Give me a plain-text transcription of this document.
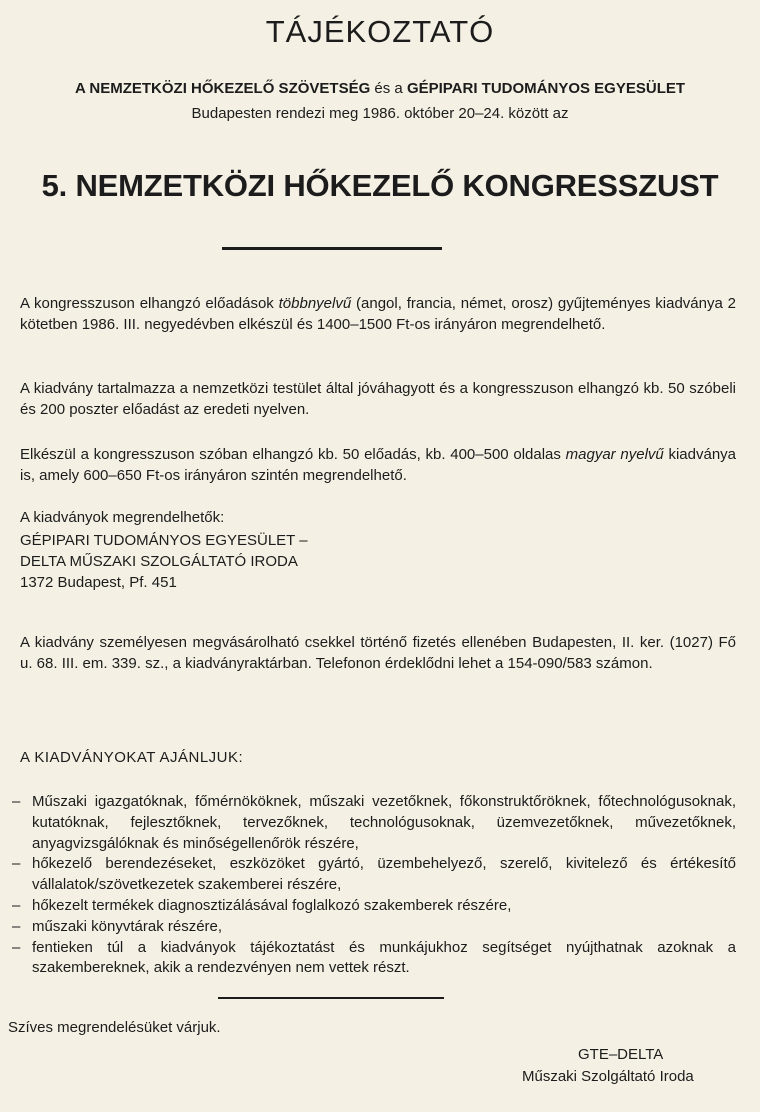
TÁJÉKOZTATÓ
A NEMZETKÖZI HŐKEZELŐ SZÖVETSÉG és a GÉPIPARI TUDOMÁNYOS EGYESÜLET
Budapesten rendezi meg 1986. október 20–24. között az
5. NEMZETKÖZI HŐKEZELŐ KONGRESSZUST
A kongresszuson elhangzó előadások többnyelvű (angol, francia, német, orosz) gyűjteményes kiadványa 2 kötetben 1986. III. negyedévben elkészül és 1400–1500 Ft-os irányáron megrendelhető.
A kiadvány tartalmazza a nemzetközi testület által jóváhagyott és a kongresszuson elhangzó kb. 50 szóbeli és 200 poszter előadást az eredeti nyelven.
Elkészül a kongresszuson szóban elhangzó kb. 50 előadás, kb. 400–500 oldalas magyar nyelvű kiadványa is, amely 600–650 Ft-os irányáron szintén megrendelhető.
A kiadványok megrendelhetők:
GÉPIPARI TUDOMÁNYOS EGYESÜLET –
DELTA MŰSZAKI SZOLGÁLTATÓ IRODA
1372 Budapest, Pf. 451
A kiadvány személyesen megvásárolható csekkel történő fizetés ellenében Budapesten, II. ker. (1027) Fő u. 68. III. em. 339. sz., a kiadványraktárban. Telefonon érdeklődni lehet a 154-090/583 számon.
A KIADVÁNYOKAT AJÁNLJUK:
– Műszaki igazgatóknak, főmérnököknek, műszaki vezetőknek, főkonstruktőröknek, főtechnológusoknak, kutatóknak, fejlesztőknek, tervezőknek, technológusoknak, üzemvezetőknek, művezetőknek, anyagvizsgálóknak és minőségellenőrök részére,
– hőkezelő berendezéseket, eszközöket gyártó, üzembehelyező, szerelő, kivitelező és értékesítő vállalatok/szövetkezetek szakemberei részére,
– hőkezelt termékek diagnosztizálásával foglalkozó szakemberek részére,
– műszaki könyvtárak részére,
– fentieken túl a kiadványok tájékoztatást és munkájukhoz segítséget nyújthatnak azoknak a szakembereknek, akik a rendezvényen nem vettek részt.
Szíves megrendelésüket várjuk.
GTE–DELTA
Műszaki Szolgáltató Iroda
